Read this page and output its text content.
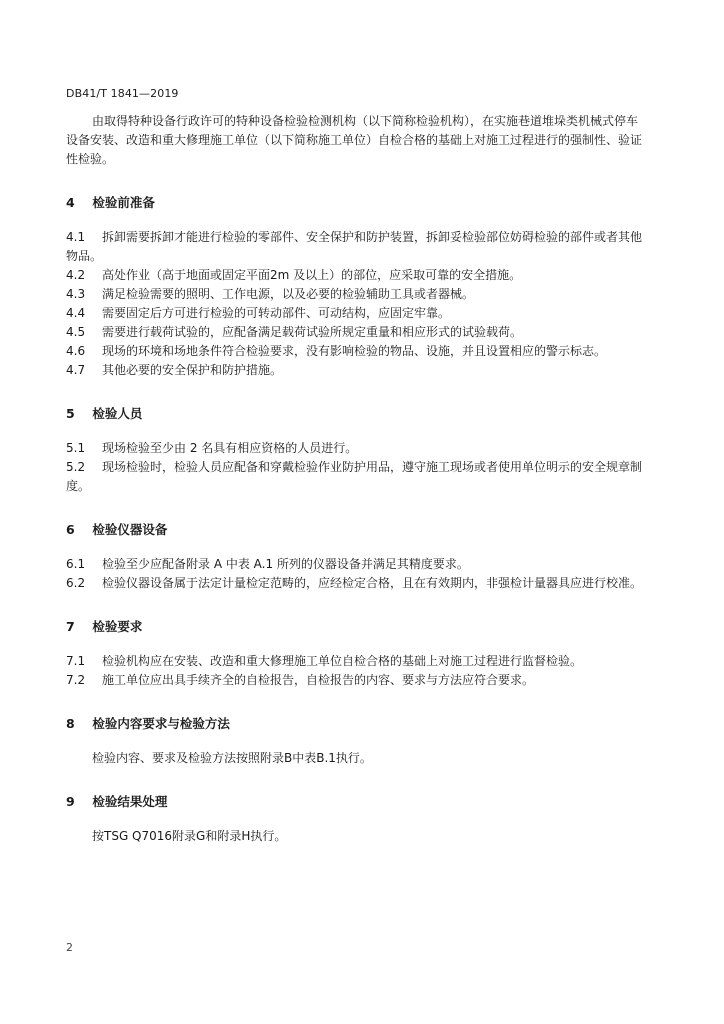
DB41/T 1841—2019

由取得特种设备行政许可的特种设备检验检测机构（以下简称检验机构），在实施巷道堆垛类机械式停车设备安装、改造和重大修理施工单位（以下简称施工单位）自检合格的基础上对施工过程进行的强制性、验证性检验。

4 检验前准备

4.1 拆卸需要拆卸才能进行检验的零部件、安全保护和防护装置，拆卸妥检验部位妨碍检验的部件或者其他物品。

4.2 高处作业（高于地面或固定平面2m 及以上）的部位，应采取可靠的安全措施。

4.3 满足检验需要的照明、工作电源，以及必要的检验辅助工具或者器械。

4.4 需要固定后方可进行检验的可转动部件、可动结构，应固定牢靠。

4.5 需要进行载荷试验的，应配备满足载荷试验所规定重量和相应形式的试验载荷。

4.6 现场的环境和场地条件符合检验要求，没有影响检验的物品、设施，并且设置相应的警示标志。

4.7 其他必要的安全保护和防护措施。

5 检验人员

5.1 现场检验至少由 2 名具有相应资格的人员进行。

5.2 现场检验时，检验人员应配备和穿戴检验作业防护用品，遵守施工现场或者使用单位明示的安全规章制度。

6 检验仪器设备

6.1 检验至少应配备附录 A 中表 A.1 所列的仪器设备并满足其精度要求。

6.2 检验仪器设备属于法定计量检定范畴的，应经检定合格，且在有效期内，非强检计量器具应进行校准。

7 检验要求

7.1 检验机构应在安装、改造和重大修理施工单位自检合格的基础上对施工过程进行监督检验。

7.2 施工单位应出具手续齐全的自检报告，自检报告的内容、要求与方法应符合要求。

8 检验内容要求与检验方法

检验内容、要求及检验方法按照附录B中表B.1执行。

9 检验结果处理

按TSG Q7016附录G和附录H执行。

2
